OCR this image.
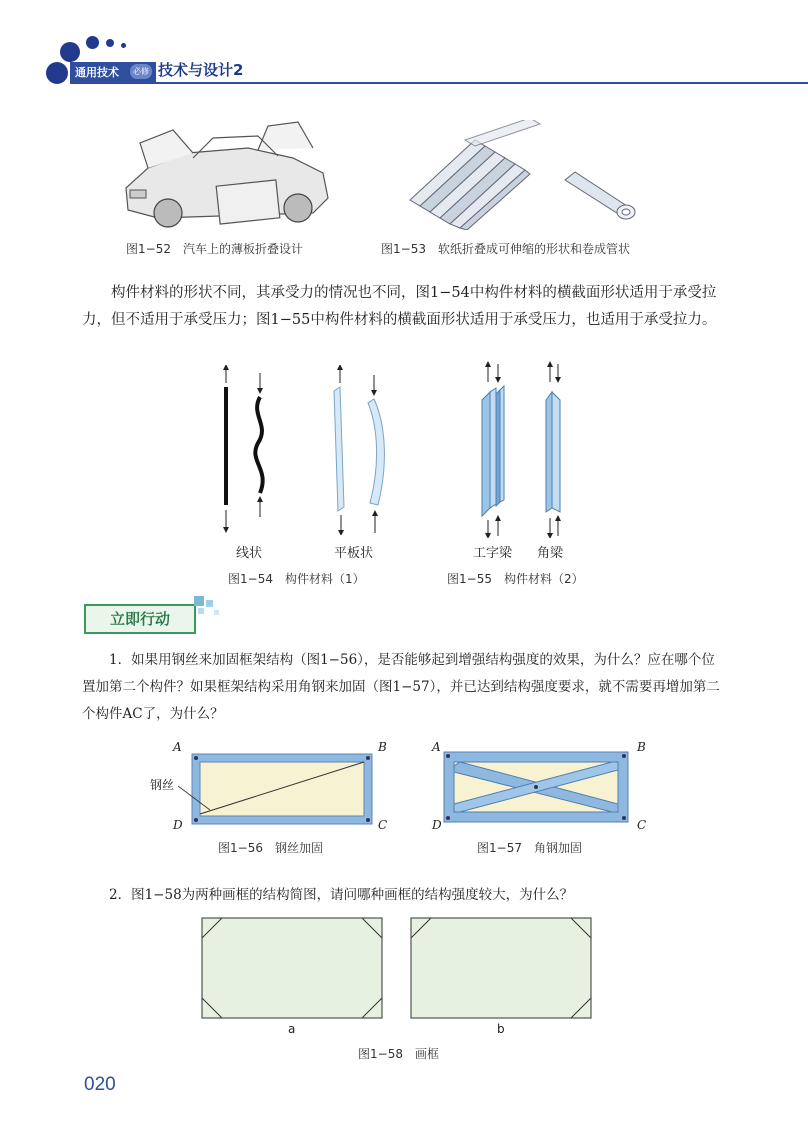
通用技术	必修 技术与设计2
图1−52　汽车上的薄板折叠设计	图1−53　软纸折叠成可伸缩的形状和卷成管状

构件材料的形状不同，其承受力的情况也不同，图1−54中构件材料的横截面形状适用于承受拉力，但不适用于承受压力；图1−55中构件材料的横截面形状适用于承受压力，也适用于承受拉力。

线状	平板状
图1−54　构件材料（1）
工字梁 角梁
图1−55　构件材料（2）
立即行动

1．如果用钢丝来加固框架结构（图1−56），是否能够起到增强结构强度的效果，为什么？应在哪个位置加第二个构件？如果框架结构采用角钢来加固（图1−57），并已达到结构强度要求，就不需要再增加第二个构件AC了，为什么？

A	B
D	C
钢丝
图1−56　钢丝加固
A	B
D	C
图1−57　角钢加固

2．图1−58为两种画框的结构简图，请问哪种画框的结构强度较大，为什么？

a	b
图1−58　画框
020
